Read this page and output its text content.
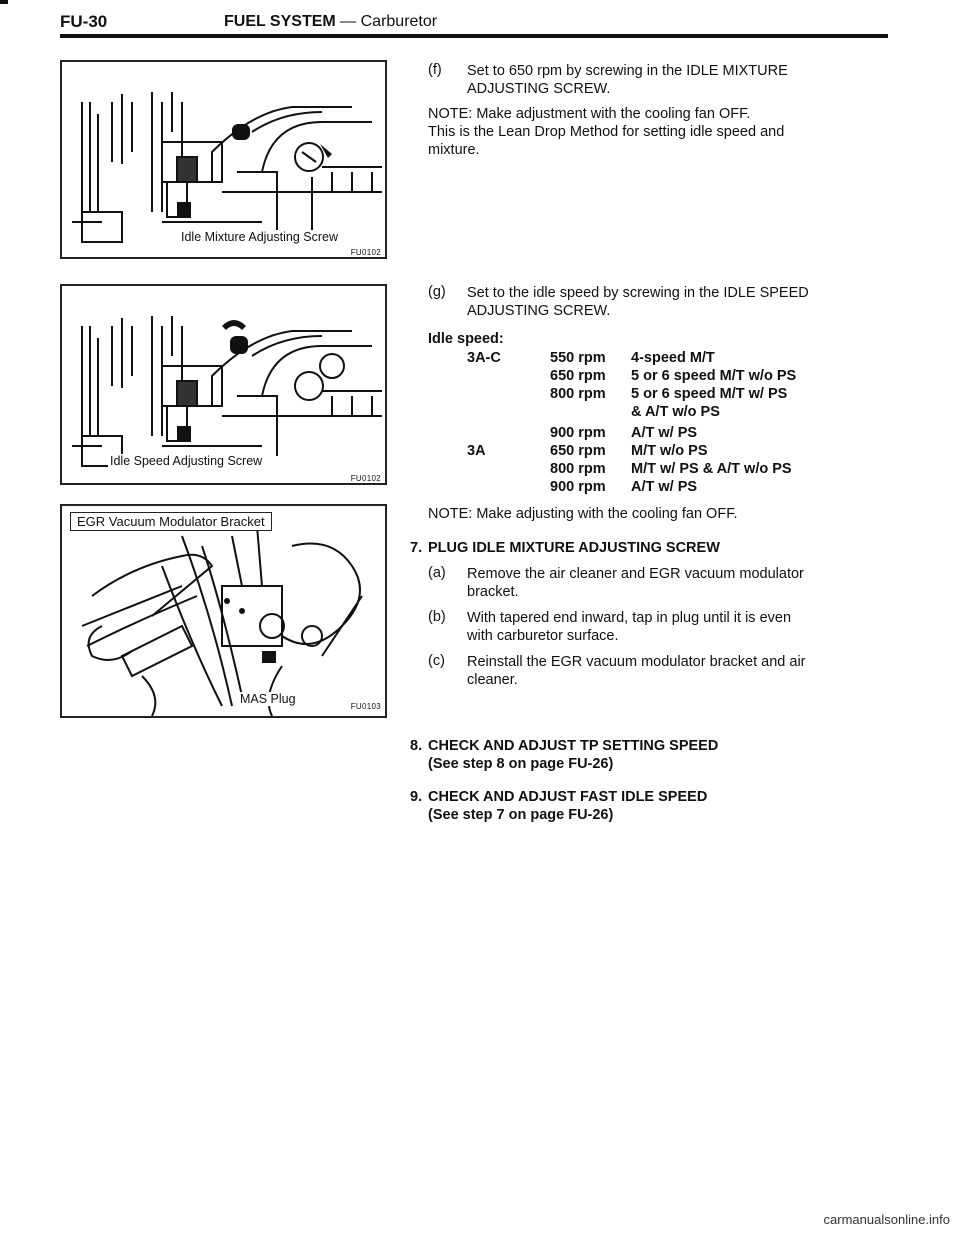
FU-30	FUEL SYSTEM — Carburetor
Idle Mixture Adjusting Screw
FU0102
Idle Speed Adjusting Screw
FU0102
EGR Vacuum Modulator Bracket
MAS Plug
FU0103
(f) Set to 650 rpm by screwing in the IDLE MIXTURE
ADJUSTING SCREW.
NOTE: Make adjustment with the cooling fan OFF.
This is the Lean Drop Method for setting idle speed and
mixture.
(g) Set to the idle speed by screwing in the IDLE SPEED
ADJUSTING SCREW.
Idle speed:
3A-C	550 rpm 4-speed M/T
650 rpm 5 or 6 speed M/T w/o PS
800 rpm 5 or 6 speed M/T w/ PS
& A/T w/o PS
900 rpm A/T w/ PS
3A	650 rpm M/T w/o PS
800 rpm M/T w/ PS & A/T w/o PS
900 rpm A/T w/ PS
NOTE: Make adjusting with the cooling fan OFF.
7. PLUG IDLE MIXTURE ADJUSTING SCREW
(a) Remove the air cleaner and EGR vacuum modulator
bracket.
(b) With tapered end inward, tap in plug until it is even
with carburetor surface.
(c) Reinstall the EGR vacuum modulator bracket and air
cleaner.
8. CHECK AND ADJUST TP SETTING SPEED
(See step 8 on page FU-26)
9. CHECK AND ADJUST FAST IDLE SPEED
(See step 7 on page FU-26)
carmanualsonline.info
